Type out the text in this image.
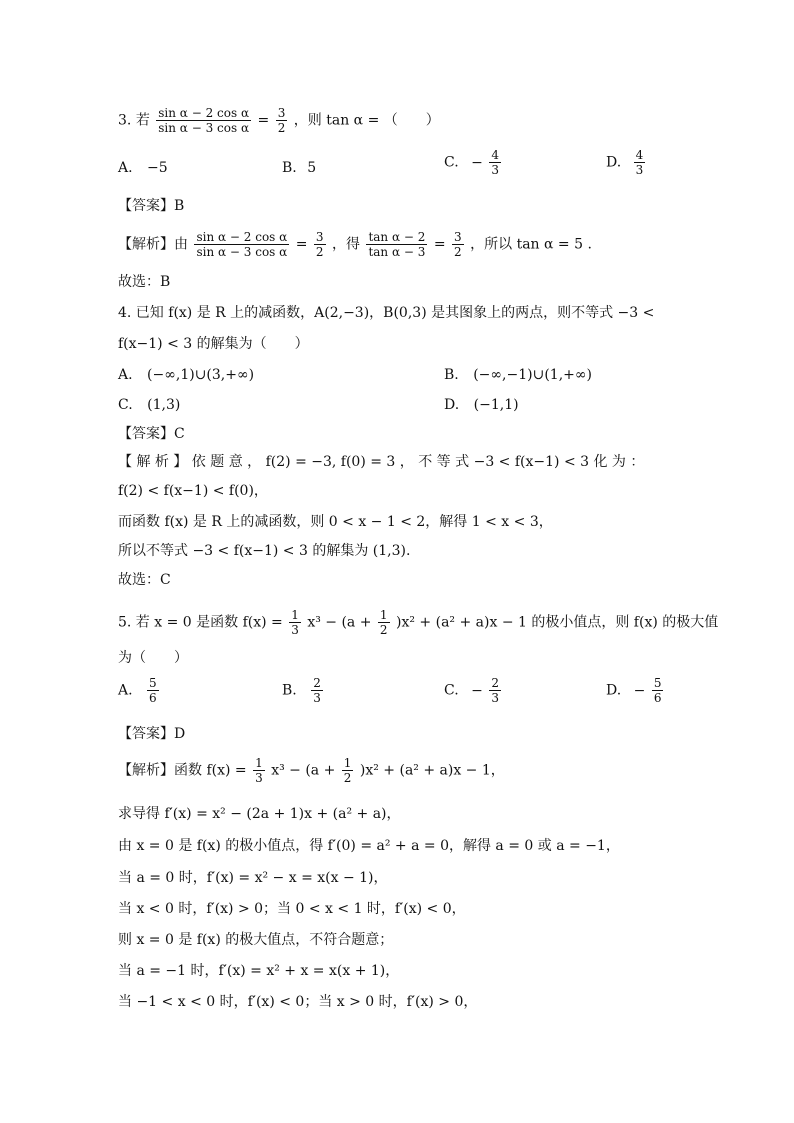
3. 若 $\frac{\text{sin α − 2 cos α}}{\text{sin α − 3 cos α}} = \frac{3}{2}$ ，则 tan α = （　　）
A. −5	B. 5	C. − $\frac{4}{3}$	D. $\frac{4}{3}$
【答案】B
【解析】由 $\frac{\text{sin α − 2 cos α}}{\text{sin α − 3 cos α}} = \frac{3}{2}$ ，得 $\frac{\text{tan α − 2}}{\text{tan α − 3}} = \frac{3}{2}$ ，所以 tan α = 5 .
故选：B
4. 已知 f(x) 是 R 上的减函数，A(2,−3)，B(0,3) 是其图象上的两点，则不等式 −3 <
f(x−1) < 3 的解集为（　　）
A. (−∞,1)∪(3,+∞)	B. (−∞,−1)∪(1,+∞)
C. (1,3)	D. (−1,1)
【答案】C
【 解 析 】 依 题 意 ， f(2) = −3, f(0) = 3 ， 不 等 式 −3 < f(x−1) < 3 化 为 ：
f(2) < f(x−1) < f(0)，
而函数 f(x) 是 R 上的减函数，则 0 < x − 1 < 2，解得 1 < x < 3，
所以不等式 −3 < f(x−1) < 3 的解集为 (1,3).
故选：C
5. 若 x = 0 是函数 $f(x) = \frac{1}{3} x^3 - (a + \frac{1}{2} )x^2 + (a^2 + a)x - 1$ 的极小值点，则 f(x) 的极大值
为（　　）
A. $\frac{5}{6}$	B. $\frac{2}{3}$	C. − $\frac{2}{3}$	D. − $\frac{5}{6}$
【答案】D
【解析】函数 $f(x) = \frac{1}{3} x^3 - (a + \frac{1}{2} )x^2 + (a^2 + a)x - 1$，
求导得 f′(x) = x² − (2a + 1)x + (a² + a)，
由 x = 0 是 f(x) 的极小值点，得 f′(0) = a² + a = 0，解得 a = 0 或 a = −1，
当 a = 0 时，f′(x) = x² − x = x(x − 1)，
当 x < 0 时，f′(x) > 0；当 0 < x < 1 时，f′(x) < 0，
则 x = 0 是 f(x) 的极大值点，不符合题意；
当 a = −1 时，f′(x) = x² + x = x(x + 1)，
当 −1 < x < 0 时，f′(x) < 0；当 x > 0 时，f′(x) > 0，
